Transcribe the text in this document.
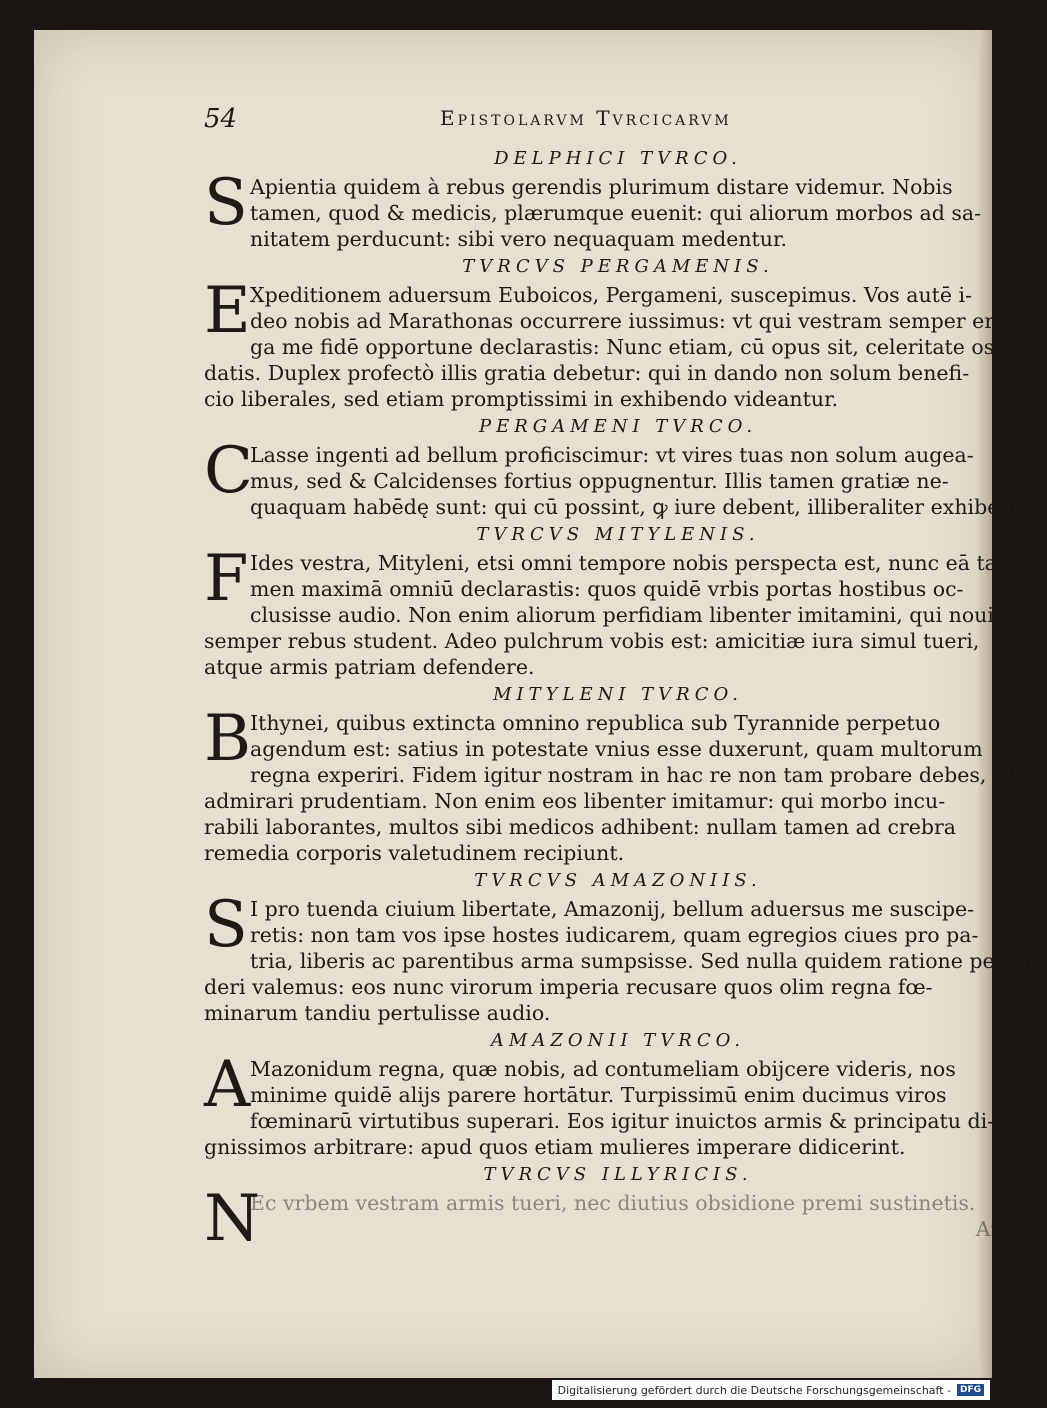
54	Epistolarvm Tvrcicarvm
DELPHICI TVRCO.
S Apientia quidem à rebus gerendis plurimum distare videmur. Nobis
tamen, quod & medicis, plærumque euenit: qui aliorum morbos ad sa-
nitatem perducunt: sibi vero nequaquam medentur.
TVRCVS PERGAMENIS.
E Xpeditionem aduersum Euboicos, Pergameni, suscepimus. Vos autē i-
deo nobis ad Marathonas occurrere iussimus: vt qui vestram semper er-
ga me fidē opportune declarastis: Nunc etiam, cū opus sit, celeritate ostē-
datis. Duplex profectò illis gratia debetur: qui in dando non solum benefi-
cio liberales, sed etiam promptissimi in exhibendo videantur.
PERGAMENI TVRCO.
C
Lasse ingenti ad bellum proficiscimur: vt vires tuas non solum augea-
mus, sed & Calcidenses fortius oppugnentur. Illis tamen gratiæ ne-
quaquam habēdę sunt: qui cū possint, ꝙ iure debent, illiberaliter exhibeāt.
TVRCVS MITYLENIS.
F Ides vestra, Mityleni, etsi omni tempore nobis perspecta est, nunc eā ta-
men maximā omniū declarastis: quos quidē vrbis portas hostibus oc-
clusisse audio. Non enim aliorum perfidiam libenter imitamini, qui nouis
semper rebus student. Adeo pulchrum vobis est: amicitiæ iura simul tueri,
atque armis patriam defendere.
MITYLENI TVRCO.
B
Ithynei, quibus extincta omnino republica sub Tyrannide perpetuo
agendum est: satius in potestate vnius esse duxerunt, quam multorum
regna experiri. Fidem igitur nostram in hac re non tam probare debes, quā
admirari prudentiam. Non enim eos libenter imitamur: qui morbo incu-
rabili laborantes, multos sibi medicos adhibent: nullam tamen ad crebra
remedia corporis valetudinem recipiunt.
TVRCVS AMAZONIIS.
S I pro tuenda ciuium libertate, Amazonij, bellum aduersus me suscipe-
retis: non tam vos ipse hostes iudicarem, quam egregios ciues pro pa-
tria, liberis ac parentibus arma sumpsisse. Sed nulla quidem ratione persua-
deri valemus: eos nunc virorum imperia recusare quos olim regna fœ-
minarum tandiu pertulisse audio.
AMAZONII TVRCO.
A Mazonidum regna, quæ nobis, ad contumeliam obijcere videris, nos
minime quidē alijs parere hortātur. Turpissimū enim ducimus viros
fœminarū virtutibus superari. Eos igitur inuictos armis & principatu di-
gnissimos arbitrare: apud quos etiam mulieres imperare didicerint.
TVRCVS ILLYRICIS.
N
Ec vrbem vestram armis tueri, nec diutius obsidione premi sustinetis.
Aut
Digitalisierung gefördert durch die Deutsche Forschungsgemeinschaft -	DFG
